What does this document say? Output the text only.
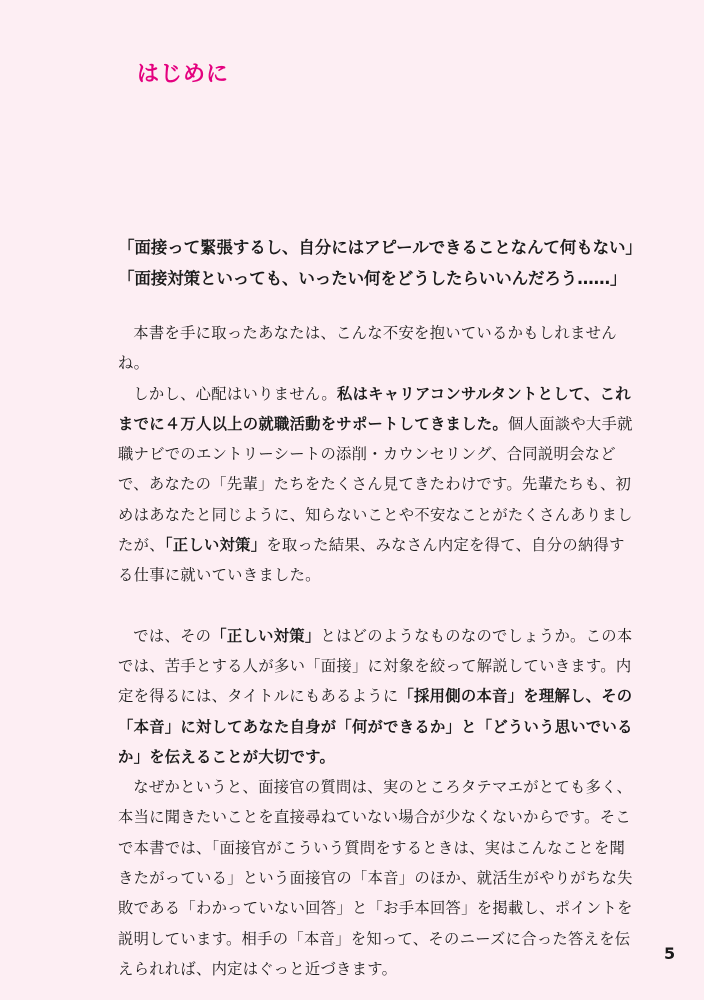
はじめに
「面接って緊張するし、自分にはアピールできることなんて何もない」
「面接対策といっても、いったい何をどうしたらいいんだろう……」

本書を手に取ったあなたは、こんな不安を抱いているかもしれませんね。

しかし、心配はいりません。私はキャリアコンサルタントとして、これまでに４万人以上の就職活動をサポートしてきました。個人面談や大手就職ナビでのエントリーシートの添削・カウンセリング、合同説明会などで、あなたの「先輩」たちをたくさん見てきたわけです。先輩たちも、初めはあなたと同じように、知らないことや不安なことがたくさんありましたが、「正しい対策」を取った結果、みなさん内定を得て、自分の納得する仕事に就いていきました。

では、その「正しい対策」とはどのようなものなのでしょうか。この本では、苦手とする人が多い「面接」に対象を絞って解説していきます。内定を得るには、タイトルにもあるように「採用側の本音」を理解し、その「本音」に対してあなた自身が「何ができるか」と「どういう思いでいるか」を伝えることが大切です。

なぜかというと、面接官の質問は、実のところタテマエがとても多く、本当に聞きたいことを直接尋ねていない場合が少なくないからです。そこで本書では、「面接官がこういう質問をするときは、実はこんなことを聞きたがっている」という面接官の「本音」のほか、就活生がやりがちな失敗である「わかっていない回答」と「お手本回答」を掲載し、ポイントを説明しています。相手の「本音」を知って、そのニーズに合った答えを伝えられれば、内定はぐっと近づきます。

5
